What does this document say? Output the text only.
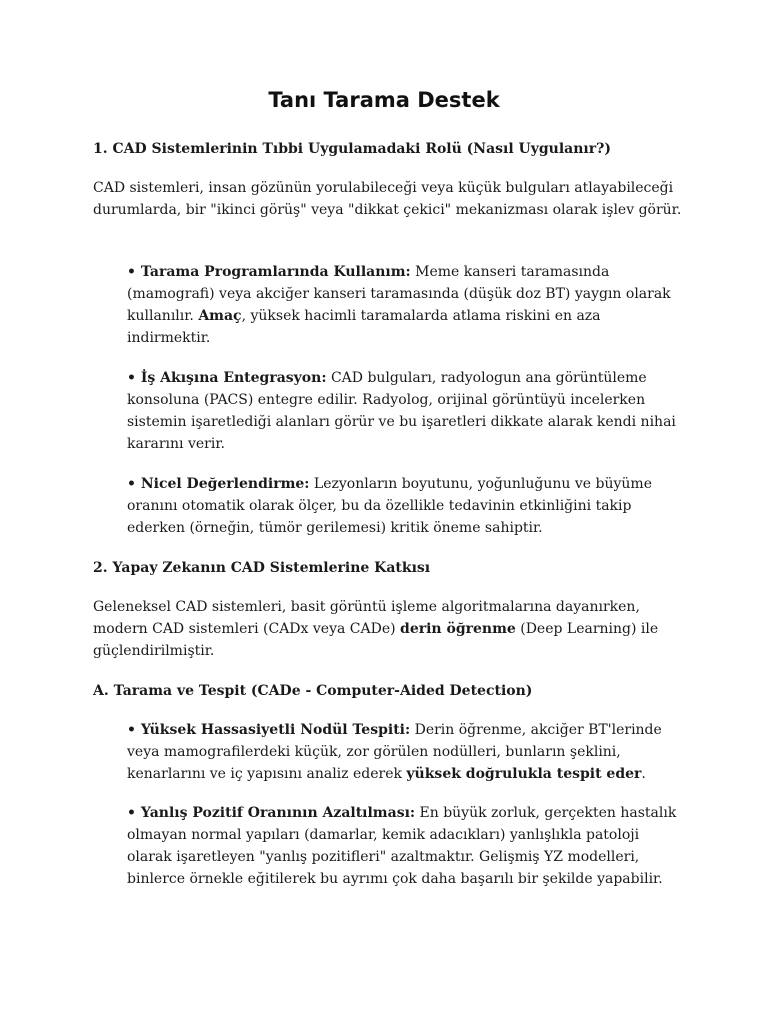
Tanı Tarama Destek
1. CAD Sistemlerinin Tıbbi Uygulamadaki Rolü (Nasıl Uygulanır?)
CAD sistemleri, insan gözünün yorulabileceği veya küçük bulguları atlayabileceği durumlarda, bir "ikinci görüş" veya "dikkat çekici" mekanizması olarak işlev görür.
• Tarama Programlarında Kullanım: Meme kanseri taramasında (mamografi) veya akciğer kanseri taramasında (düşük doz BT) yaygın olarak kullanılır. Amaç, yüksek hacimli taramalarda atlama riskini en aza indirmektir.
• İş Akışına Entegrasyon: CAD bulguları, radyologun ana görüntüleme konsoluna (PACS) entegre edilir. Radyolog, orijinal görüntüyü incelerken sistemin işaretlediği alanları görür ve bu işaretleri dikkate alarak kendi nihai kararını verir.
• Nicel Değerlendirme: Lezyonların boyutunu, yoğunluğunu ve büyüme oranını otomatik olarak ölçer, bu da özellikle tedavinin etkinliğini takip ederken (örneğin, tümör gerilemesi) kritik öneme sahiptir.
2. Yapay Zekanın CAD Sistemlerine Katkısı
Geleneksel CAD sistemleri, basit görüntü işleme algoritmalarına dayanırken, modern CAD sistemleri (CADx veya CADe) derin öğrenme (Deep Learning) ile güçlendirilmiştir.
A. Tarama ve Tespit (CADe - Computer-Aided Detection)
• Yüksek Hassasiyetli Nodül Tespiti: Derin öğrenme, akciğer BT'lerinde veya mamografilerdeki küçük, zor görülen nodülleri, bunların şeklini, kenarlarını ve iç yapısını analiz ederek yüksek doğrulukla tespit eder.
• Yanlış Pozitif Oranının Azaltılması: En büyük zorluk, gerçekten hastalık olmayan normal yapıları (damarlar, kemik adacıkları) yanlışlıkla patoloji olarak işaretleyen "yanlış pozitifleri" azaltmaktır. Gelişmiş YZ modelleri, binlerce örnekle eğitilerek bu ayrımı çok daha başarılı bir şekilde yapabilir.
